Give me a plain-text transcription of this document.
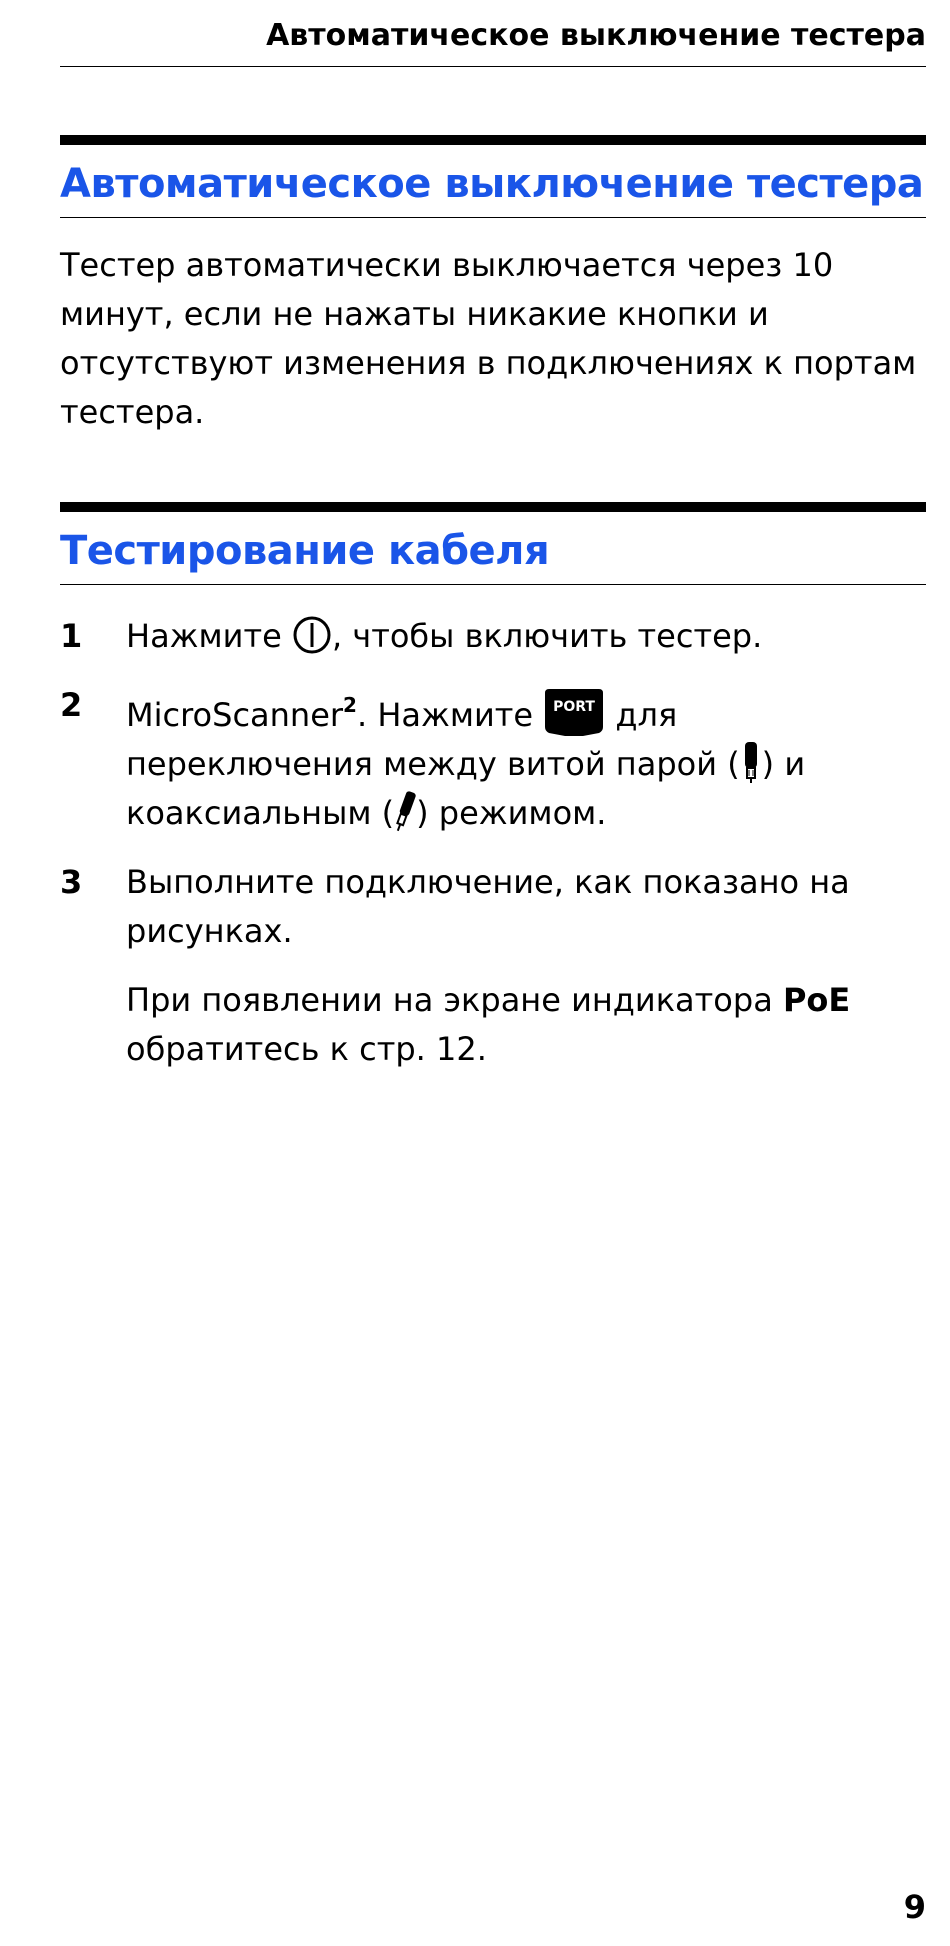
Автоматическое выключение тестера
Автоматическое выключение тестера
Тестер автоматически выключается через 10
минут, если не нажаты никакие кнопки и
отсутствуют изменения в подключениях к портам
тестера.
Тестирование кабеля
1	Нажмите , чтобы включить тестер.
2	MicroScanner$^2$. Нажмите PORT для
переключения между витой парой ( ) и
коаксиальным ( ) режимом.
3	Выполните подключение, как показано на
рисунках.
При появлении на экране индикатора PoE
обратитесь к стр. 12.
9
